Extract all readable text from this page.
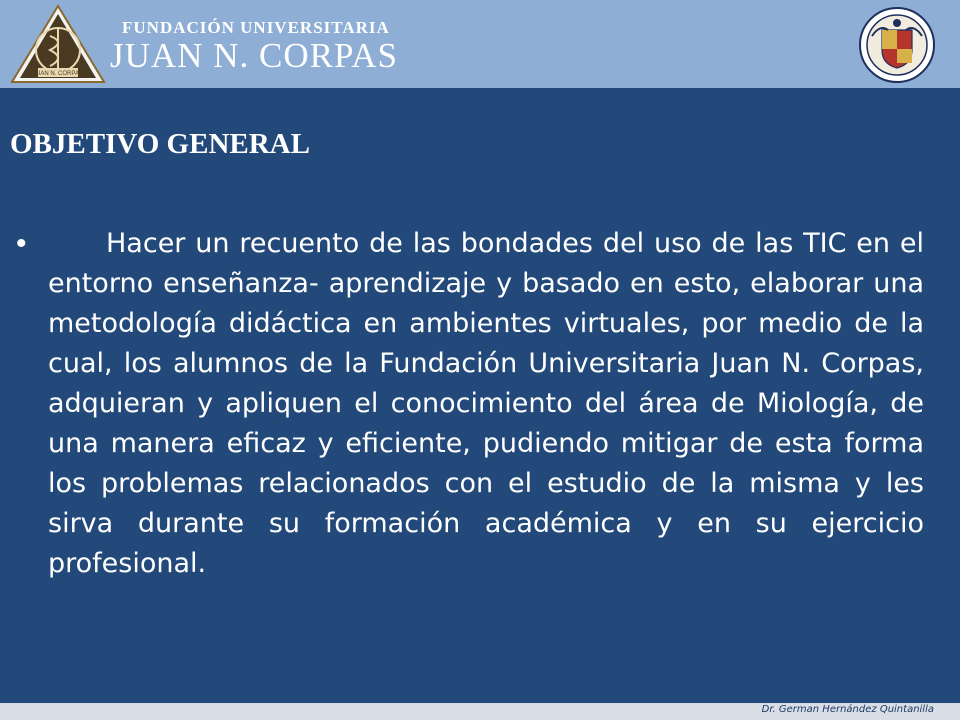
JUAN N. CORPAS
FUNDACIÓN UNIVERSITARIA
JUAN N. CORPAS
OBJETIVO GENERAL
•	Hacer un recuento de las bondades del uso de las TIC en el entorno enseñanza- aprendizaje y basado en esto, elaborar una metodología didáctica en ambientes virtuales, por medio de la cual, los alumnos de la Fundación Universitaria Juan N. Corpas, adquieran y apliquen el conocimiento del área de Miología, de una manera eficaz y eficiente, pudiendo mitigar de esta forma los problemas relacionados con el estudio de la misma y les sirva durante su formación académica y en su ejercicio profesional.
Dr. German Hernández Quintanilla
